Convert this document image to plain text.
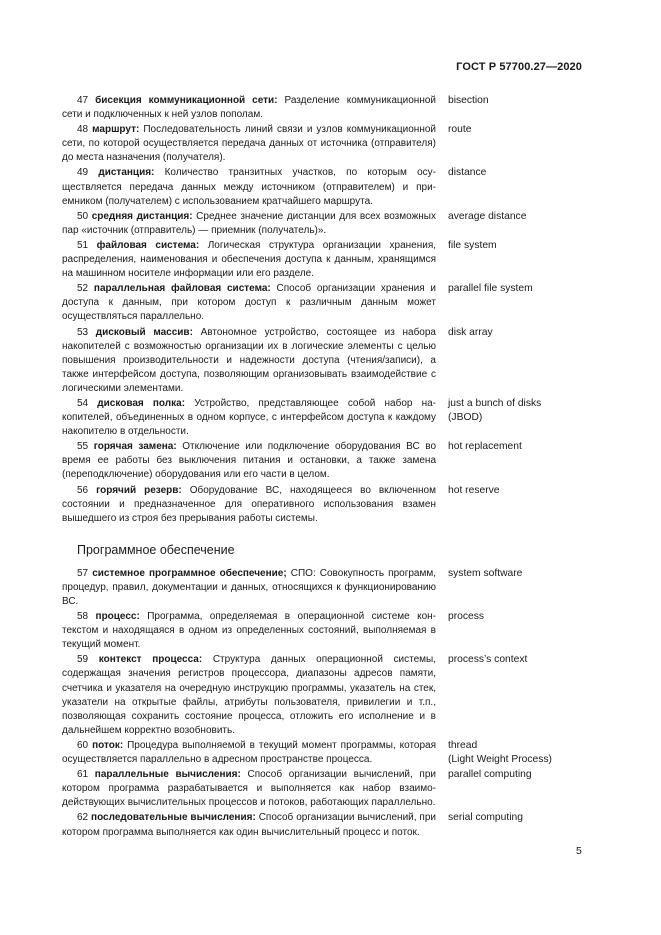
ГОСТ Р 57700.27—2020
47 бисекция коммуникационной сети: Разделение коммуникационной сети и подключенных к ней узлов пополам.
bisection
48 маршрут: Последовательность линий связи и узлов коммуникационной сети, по которой осуществляется передача данных от источника (отправителя) до места назначения (получателя).
route
49 дистанция: Количество транзитных участков, по которым осуществляется передача данных между источником (отправителем) и приемником (получателем) с использованием кратчайшего маршрута.
distance
50 средняя дистанция: Среднее значение дистанции для всех возможных пар «источник (отправитель) — приемник (получатель)».
average distance
51 файловая система: Логическая структура организации хранения, распределения, наименования и обеспечения доступа к данным, хранящимся на машинном носителе информации или его разделе.
file system
52 параллельная файловая система: Способ организации хранения и доступа к данным, при котором доступ к различным данным может осуществляться параллельно.
parallel file system
53 дисковый массив: Автономное устройство, состоящее из набора накопителей с возможностью организации их в логические элементы с целью повышения производительности и надежности доступа (чтения/записи), а также интерфейсом доступа, позволяющим организовывать взаимодействие с логическими элементами.
disk array
54 дисковая полка: Устройство, представляющее собой набор накопителей, объединенных в одном корпусе, с интерфейсом доступа к каждому накопителю в отдельности.
just a bunch of disks
(JBOD)
55 горячая замена: Отключение или подключение оборудования ВС во время ее работы без выключения питания и остановки, а также замена (переподключение) оборудования или его части в целом.
hot replacement
56 горячий резерв: Оборудование ВС, находящееся во включенном состоянии и предназначенное для оперативного использования взамен вышедшего из строя без прерывания работы системы.
hot reserve
Программное обеспечение
57 системное программное обеспечение; СПО: Совокупность программ, процедур, правил, документации и данных, относящихся к функционированию ВС.
system software
58 процесс: Программа, определяемая в операционной системе контекстом и находящаяся в одном из определенных состояний, выполняемая в текущий момент.
process
59 контекст процесса: Структура данных операционной системы, содержащая значения регистров процессора, диапазоны адресов памяти, счетчика и указателя на очередную инструкцию программы, указатель на стек, указатели на открытые файлы, атрибуты пользователя, привилегии и т.п., позволяющая сохранить состояние процесса, отложить его исполнение и в дальнейшем корректно возобновить.
process’s context
60 поток: Процедура выполняемой в текущий момент программы, которая осуществляется параллельно в адресном пространстве процесса.
thread
(Light Weight Process)
61 параллельные вычисления: Способ организации вычислений, при котором программа разрабатывается и выполняется как набор взаимодействующих вычислительных процессов и потоков, работающих параллельно.
parallel computing
62 последовательные вычисления: Способ организации вычислений, при котором программа выполняется как один вычислительный процесс и поток.
serial computing
5
